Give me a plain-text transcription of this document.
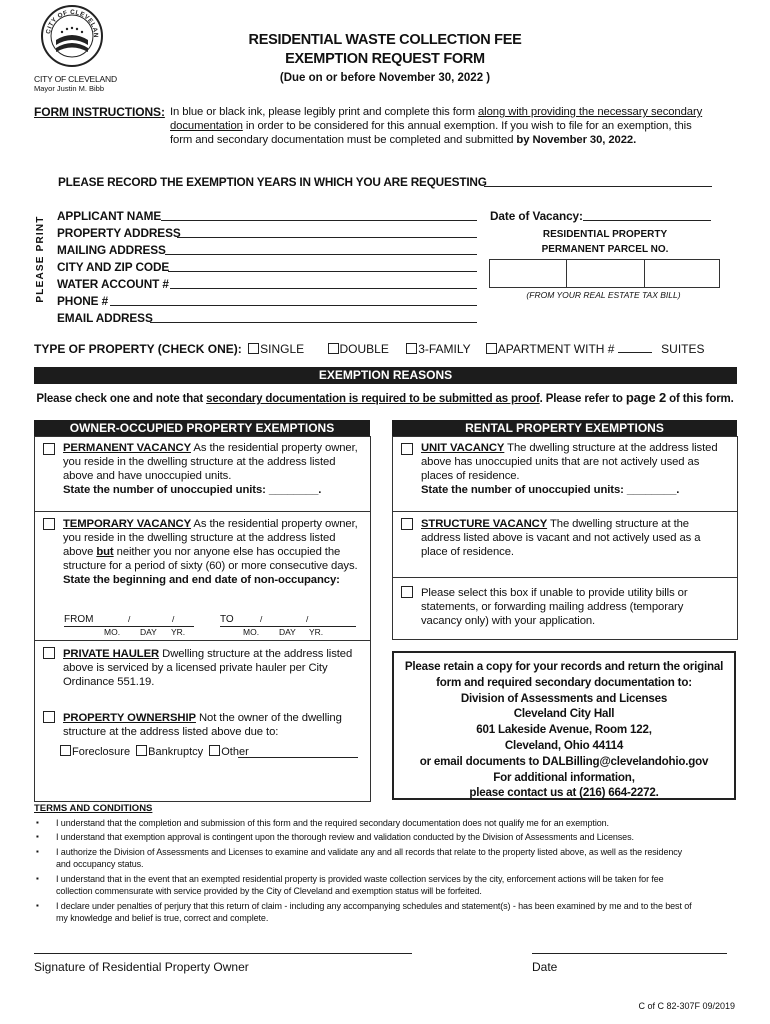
CITY OF CLEVELAN
CITY OF CLEVELAND
Mayor Justin M. Bibb
RESIDENTIAL WASTE COLLECTION FEE
EXEMPTION REQUEST FORM
(Due on or before November 30, 2022 )
FORM INSTRUCTIONS: In blue or black ink, please legibly print and complete this form along with providing the necessary secondary
documentation in order to be considered for this annual exemption. If you wish to file for an exemption, this
form and secondary documentation must be completed and submitted by November 30, 2022.
PLEASE RECORD THE EXEMPTION YEARS IN WHICH YOU ARE REQUESTING
PLEASE PRINT APPLICANT NAME
PROPERTY ADDRESS
MAILING ADDRESS
CITY AND ZIP CODE
WATER ACCOUNT #
PHONE #
EMAIL ADDRESS
Date of Vacancy:
RESIDENTIAL PROPERTY
PERMANENT PARCEL NO.
(FROM YOUR REAL ESTATE TAX BILL)
TYPE OF PROPERTY (CHECK ONE): SINGLE	DOUBLE 3-FAMILY APARTMENT WITH #	SUITES
EXEMPTION REASONS
Please check one and note that secondary documentation is required to be submitted as proof. Please refer to page 2 of this form.
OWNER-OCCUPIED PROPERTY EXEMPTIONS
PERMANENT VACANCY As the residential property owner,
you reside in the dwelling structure at the address listed
above and have unoccupied units.
State the number of unoccupied units: ________.
TEMPORARY VACANCY As the residential property owner,
you reside in the dwelling structure at the address listed
above but neither you nor anyone else has occupied the
structure for a period of sixty (60) or more consecutive days.
State the beginning and end date of non-occupancy:
FROM	/	/
MO. DAY YR.
TO	/	/
MO. DAY YR.
PRIVATE HAULER Dwelling structure at the address listed
above is serviced by a licensed private hauler per City
Ordinance 551.19.
PROPERTY OWNERSHIP Not the owner of the dwelling
structure at the address listed above due to:
Foreclosure Bankruptcy Other
RENTAL PROPERTY EXEMPTIONS
UNIT VACANCY The dwelling structure at the address listed
above has unoccupied units that are not actively used as
places of residence.
State the number of unoccupied units: ________.
STRUCTURE VACANCY The dwelling structure at the
address listed above is vacant and not actively used as a
place of residence.
Please select this box if unable to provide utility bills or
statements, or forwarding mailing address (temporary
vacancy only) with your application.
Please retain a copy for your records and return the original
form and required secondary documentation to:
Division of Assessments and Licenses
Cleveland City Hall
601 Lakeside Avenue, Room 122,
Cleveland, Ohio 44114
or email documents to DALBilling@clevelandohio.gov
For additional information,
please contact us at (216) 664-2272.
TERMS AND CONDITIONS
▪ I understand that the completion and submission of this form and the required secondary documentation does not qualify me for an exemption.
▪ I understand that exemption approval is contingent upon the thorough review and validation conducted by the Division of Assessments and Licenses.
▪ I authorize the Division of Assessments and Licenses to examine and validate any and all records that relate to the property listed above, as well as the residency
and occupancy status.
▪ I understand that in the event that an exempted residential property is provided waste collection services by the city, enforcement actions will be taken for fee
collection commensurate with service provided by the City of Cleveland and exemption status will be forfeited.
▪ I declare under penalties of perjury that this return of claim - including any accompanying schedules and statement(s) - has been examined by me and to the best of
my knowledge and belief is true, correct and complete.
Signature of Residential Property Owner	Date
C of C 82-307F 09/2019
